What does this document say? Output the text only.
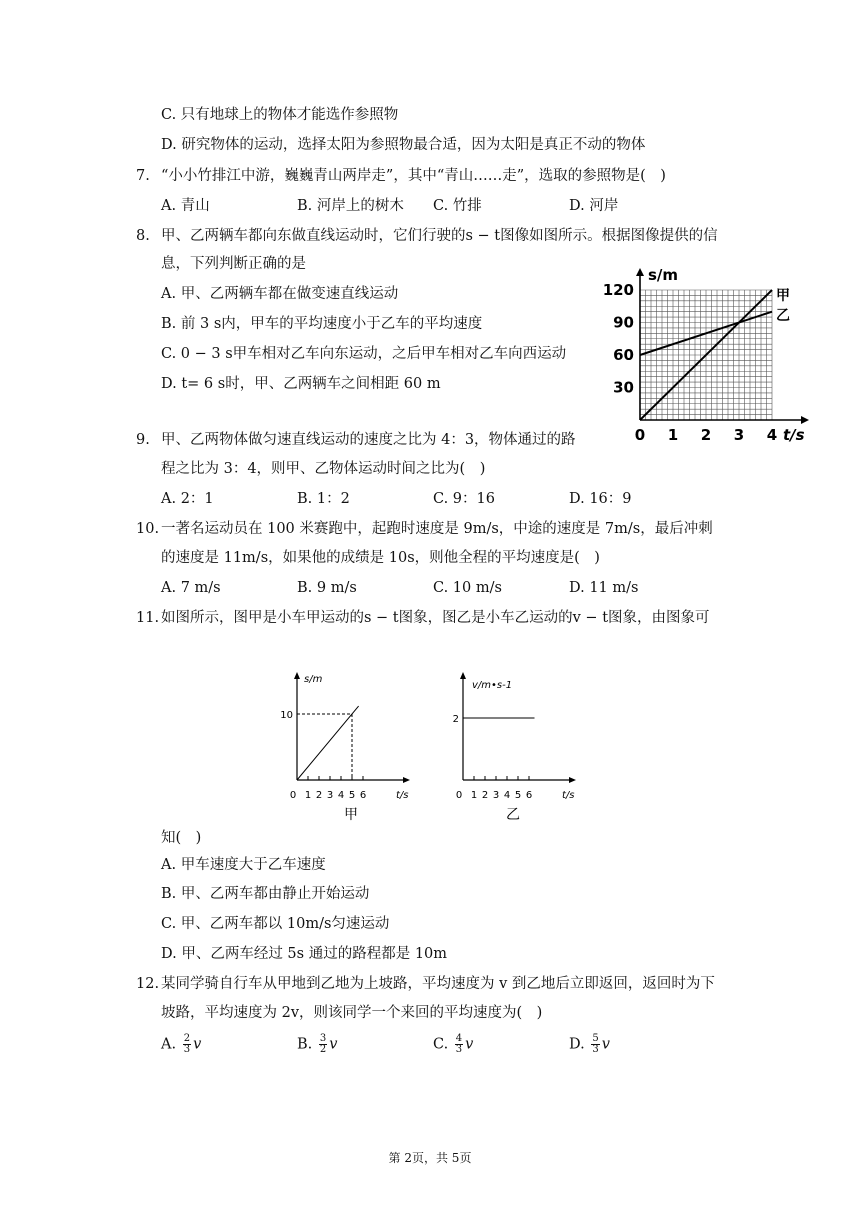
C. 只有地球上的物体才能选作参照物
D. 研究物体的运动，选择太阳为参照物最合适，因为太阳是真正不动的物体
7. “小小竹排江中游，巍巍青山两岸走”，其中“青山……走”，选取的参照物是( )
A. 青山	B. 河岸上的树木 C. 竹排	D. 河岸
8. 甲、乙两辆车都向东做直线运动时，它们行驶的s − t图像如图所示。根据图像提供的信
息，下列判断正确的是
A. 甲、乙两辆车都在做变速直线运动
B. 前 3 s内，甲车的平均速度小于乙车的平均速度
C. 0 − 3 s甲车相对乙车向东运动，之后甲车相对乙车向西运动
D. t= 6 s时，甲、乙两辆车之间相距 60 m
s/m
t/s
0 1 2 3 4
30
60
90
120	甲
乙
9. 甲、乙两物体做匀速直线运动的速度之比为 4：3，物体通过的路
程之比为 3：4，则甲、乙物体运动时间之比为( )
A. 2：1	B. 1：2	C. 9：16	D. 16：9
10. 一著名运动员在 100 米赛跑中，起跑时速度是 9m/s，中途的速度是 7m/s，最后冲刺
的速度是 11m/s，如果他的成绩是 10s，则他全程的平均速度是( )
A. 7 m/s	B. 9 m/s	C. 10 m/s	D. 11 m/s
11. 如图所示，图甲是小车甲运动的s − t图象，图乙是小车乙运动的v − t图象，由图象可
0 1 2 3 4 5 6
10
s/m
t/s
甲
0 1 2 3 4 5 6
2
v/m•s-1
t/s
乙
知( )
A. 甲车速度大于乙车速度
B. 甲、乙两车都由静止开始运动
C. 甲、乙两车都以 10m/s匀速运动
D. 甲、乙两车经过 5s 通过的路程都是 10m
12. 某同学骑自行车从甲地到乙地为上坡路，平均速度为 v 到乙地后立即返回，返回时为下
坡路，平均速度为 2v，则该同学一个来回的平均速度为( )
A. $\frac{2}{3}$ v	B. $\frac{3}{2}$ v	C. $\frac{4}{3}$ v	D. $\frac{5}{3}$ v
第 2页，共 5页
